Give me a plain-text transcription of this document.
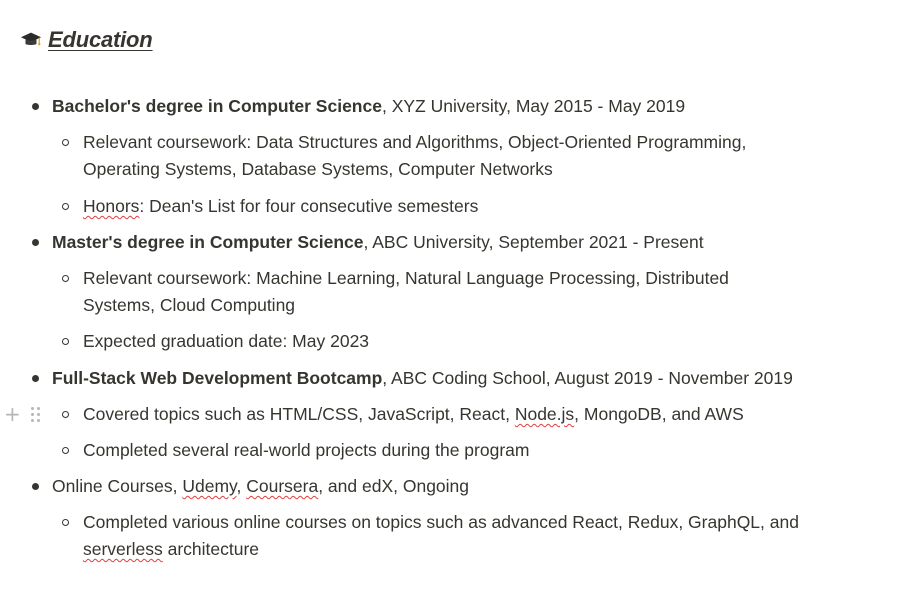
Education
Bachelor's degree in Computer Science, XYZ University, May 2015 - May 2019
Relevant coursework: Data Structures and Algorithms, Object-Oriented Programming, Operating Systems, Database Systems, Computer Networks
Honors: Dean's List for four consecutive semesters
Master's degree in Computer Science, ABC University, September 2021 - Present
Relevant coursework: Machine Learning, Natural Language Processing, Distributed Systems, Cloud Computing
Expected graduation date: May 2023
Full-Stack Web Development Bootcamp, ABC Coding School, August 2019 - November 2019
Covered topics such as HTML/CSS, JavaScript, React, Node.js, MongoDB, and AWS
Completed several real-world projects during the program
Online Courses, Udemy, Coursera, and edX, Ongoing
Completed various online courses on topics such as advanced React, Redux, GraphQL, and serverless architecture
+
